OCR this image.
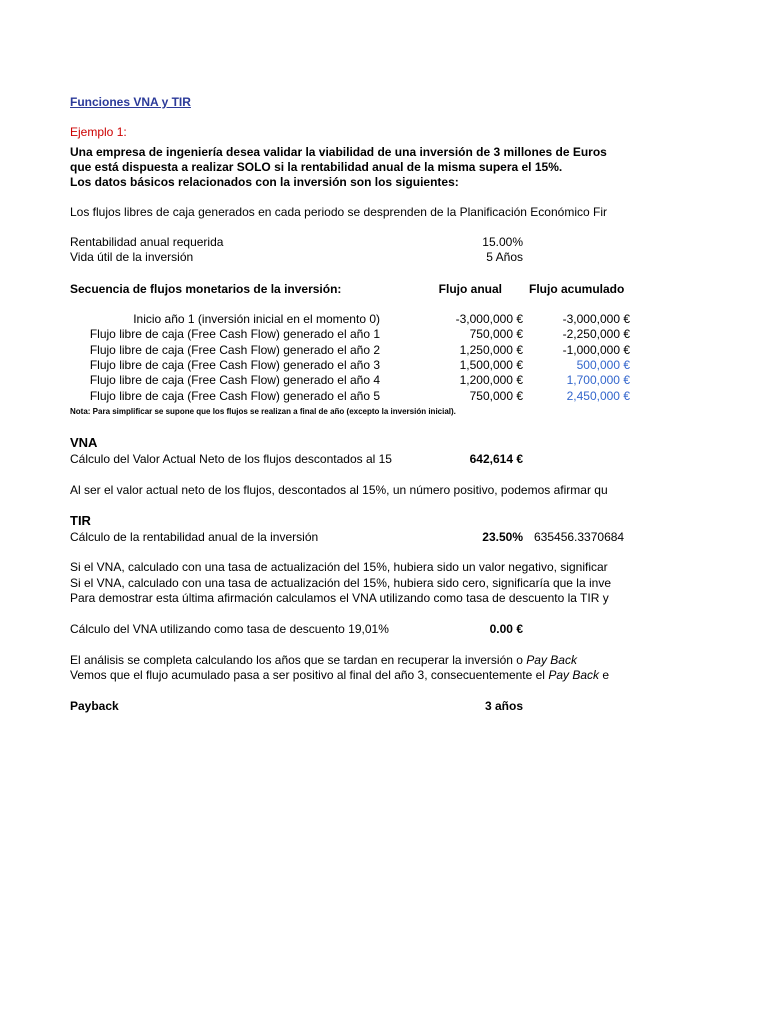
Funciones VNA y TIR
Ejemplo 1:
Una empresa de ingeniería desea validar la viabilidad de una inversión de 3 millones de Euros
que está dispuesta a realizar SOLO si la rentabilidad anual de la misma supera el 15%.
Los datos básicos relacionados con la inversión son los siguientes:
Los flujos libres de caja generados en cada periodo se desprenden de la Planificación Económico Fir
Rentabilidad anual requerida	15.00%
Vida útil de la inversión	5 Años
Secuencia de flujos monetarios de la inversión:	Flujo anual Flujo acumulado
Inicio año 1 (inversión inicial en el momento 0)	-3,000,000 €	-3,000,000 €
Flujo libre de caja (Free Cash Flow) generado el año 1	750,000 €	-2,250,000 €
Flujo libre de caja (Free Cash Flow) generado el año 2	1,250,000 €	-1,000,000 €
Flujo libre de caja (Free Cash Flow) generado el año 3	1,500,000 €	500,000 €
Flujo libre de caja (Free Cash Flow) generado el año 4	1,200,000 €	1,700,000 €
Flujo libre de caja (Free Cash Flow) generado el año 5	750,000 €	2,450,000 €
Nota: Para simplificar se supone que los flujos se realizan a final de año (excepto la inversión inicial).
VNA
Cálculo del Valor Actual Neto de los flujos descontados al 15	642,614 €
Al ser el valor actual neto de los flujos, descontados al 15%, un número positivo, podemos afirmar qu
TIR
Cálculo de la rentabilidad anual de la inversión	23.50% 635456.3370684
Si el VNA, calculado con una tasa de actualización del 15%, hubiera sido un valor negativo, significar
Si el VNA, calculado con una tasa de actualización del 15%, hubiera sido cero, significaría que la inve
Para demostrar esta última afirmación calculamos el VNA utilizando como tasa de descuento la TIR y
Cálculo del VNA utilizando como tasa de descuento 19,01%	0.00 €
El análisis se completa calculando los años que se tardan en recuperar la inversión o Pay Back
Vemos que el flujo acumulado pasa a ser positivo al final del año 3, consecuentemente el Pay Back e
Payback	3 años
